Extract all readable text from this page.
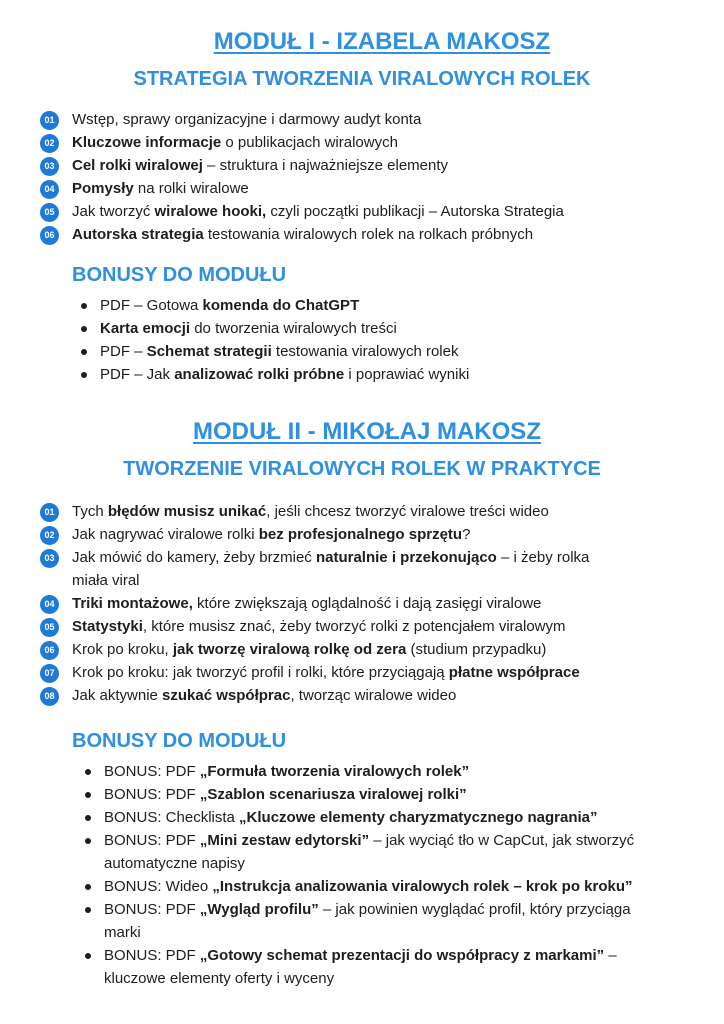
MODUŁ I - IZABELA MAKOSZ
STRATEGIA TWORZENIA VIRALOWYCH ROLEK
01	Wstęp, sprawy organizacyjne i darmowy audyt konta
02	Kluczowe informacje o publikacjach wiralowych
03	Cel rolki wiralowej – struktura i najważniejsze elementy
04	Pomysły na rolki wiralowe
05	Jak tworzyć wiralowe hooki, czyli początki publikacji – Autorska Strategia
06	Autorska strategia testowania wiralowych rolek na rolkach próbnych
BONUSY DO MODUŁU
PDF – Gotowa komenda do ChatGPT
Karta emocji do tworzenia wiralowych treści
PDF – Schemat strategii testowania viralowych rolek
PDF – Jak analizować rolki próbne i poprawiać wyniki
MODUŁ II - MIKOŁAJ MAKOSZ
TWORZENIE VIRALOWYCH ROLEK W PRAKTYCE
01	Tych błędów musisz unikać, jeśli chcesz tworzyć viralowe treści wideo
02	Jak nagrywać viralowe rolki bez profesjonalnego sprzętu?
03	Jak mówić do kamery, żeby brzmieć naturalnie i przekonująco – i żeby rolka miała viral
04	Triki montażowe, które zwiększają oglądalność i dają zasięgi viralowe
05	Statystyki, które musisz znać, żeby tworzyć rolki z potencjałem viralowym
06	Krok po kroku, jak tworzę viralową rolkę od zera (studium przypadku)
07	Krok po kroku: jak tworzyć profil i rolki, które przyciągają płatne współprace
08	Jak aktywnie szukać współprac, tworząc wiralowe wideo
BONUSY DO MODUŁU
BONUS: PDF „Formuła tworzenia viralowych rolek”
BONUS: PDF „Szablon scenariusza viralowej rolki”
BONUS: Checklista „Kluczowe elementy charyzmatycznego nagrania”
BONUS: PDF „Mini zestaw edytorski” – jak wyciąć tło w CapCut, jak stworzyć automatyczne napisy
BONUS: Wideo „Instrukcja analizowania viralowych rolek – krok po kroku”
BONUS: PDF „Wygląd profilu” – jak powinien wyglądać profil, który przyciąga marki
BONUS: PDF „Gotowy schemat prezentacji do współpracy z markami” – kluczowe elementy oferty i wyceny
